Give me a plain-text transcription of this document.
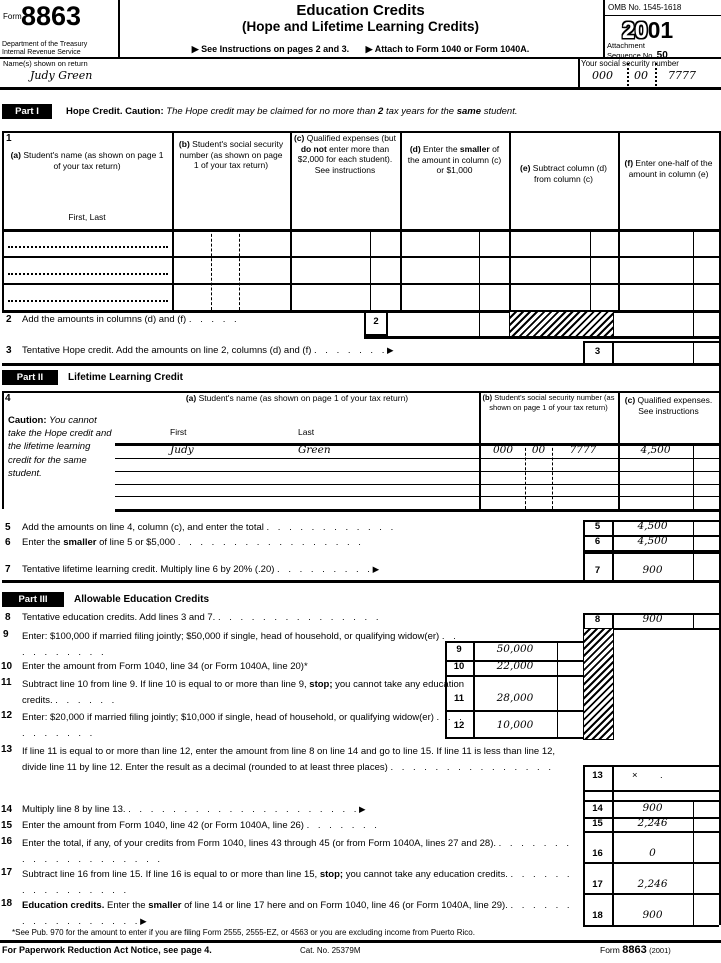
Form 8863
Department of the Treasury
Internal Revenue Service
Education Credits
(Hope and Lifetime Learning Credits)
▶ See Instructions on pages 2 and 3. ▶ Attach to Form 1040 or Form 1040A.
OMB No. 1545-1618
2001
Attachment
Sequence No. 50
Name(s) shown on return
Judy Green
Your social security number
000 00 7777
Part I	Hope Credit. Caution: The Hope credit may be claimed for no more than 2 tax years for the same student.
1
(a) Student's name (as shown on page 1 of your tax return)
First, Last
(b) Student's social security number (as shown on page 1 of your tax return)
(c) Qualified expenses (but do not enter more than $2,000 for each student). See instructions
(d) Enter the smaller of the amount in column (c) or $1,000	(e) Subtract column (d) from column (c)
(f) Enter one-half of the amount in column (e)
2 Add the amounts in columns (d) and (f) . . . . .	2
3 Tentative Hope credit. Add the amounts on line 2, columns (d) and (f) . . . . . . . ▶	3
Part II	Lifetime Learning Credit
4	(a) Student's name (as shown on page 1 of your tax return)
First	Last
(b) Student's social security number (as shown on page 1 of your tax return)
(c) Qualified expenses. See instructions
Caution: You cannot take the Hope credit and the lifetime learning credit for the same student.
Judy	Green	000	00	7777	4,500
5 Add the amounts on line 4, column (c), and enter the total . . . . . . . . . . . .
6 Enter the smaller of line 5 or $5,000 . . . . . . . . . . . . . . . . .
7 Tentative lifetime learning credit. Multiply line 6 by 20% (.20) . . . . . . . . . ▶
5	4,500
6	4,500
7	900
Part III	Allowable Education Credits
8 Tentative education credits. Add lines 3 and 7. . . . . . . . . . . . . . . .	8	900
9 Enter: $100,000 if married filing jointly; $50,000 if single, head of household, or qualifying widow(er) . . . . . . . . . .	9	50,000
10 Enter the amount from Form 1040, line 34 (or Form 1040A, line 20)*	10	22,000
11 Subtract line 10 from line 9. If line 10 is equal to or more than line 9, stop; you cannot take any education credits. . . . . . .	11	28,000
12 Enter: $20,000 if married filing jointly; $10,000 if single, head of household, or qualifying widow(er) . . . . . . . . . .
12	10,000
13 If line 11 is equal to or more than line 12, enter the amount from line 8 on line 14 and go to line 15. If line 11 is less than line 12, divide line 11 by line 12. Enter the result as a decimal (rounded to at least three places) . . . . . . . . . . . . . . .
13	× .
14 Multiply line 8 by line 13. . . . . . . . . . . . . . . . . . . . . . ▶	14	900
15 Enter the amount from Form 1040, line 42 (or Form 1040A, line 26) . . . . . . .	15	2,246
16 Enter the total, if any, of your credits from Form 1040, lines 43 through 45 (or from Form 1040A, lines 27 and 28). . . . . . . . . . . . . . . . . . . . .
16	0
17 Subtract line 16 from line 15. If line 16 is equal to or more than line 15, stop; you cannot take any education credits. . . . . . . . . . . . . . . . .
17	2,246
18 Education credits. Enter the smaller of line 14 or line 17 here and on Form 1040, line 46 (or Form 1040A, line 29). . . . . . . . . . . . . . . . . . ▶	18	900
*See Pub. 970 for the amount to enter if you are filing Form 2555, 2555-EZ, or 4563 or you are excluding income from Puerto Rico.
For Paperwork Reduction Act Notice, see page 4.	Cat. No. 25379M	Form 8863 (2001)
